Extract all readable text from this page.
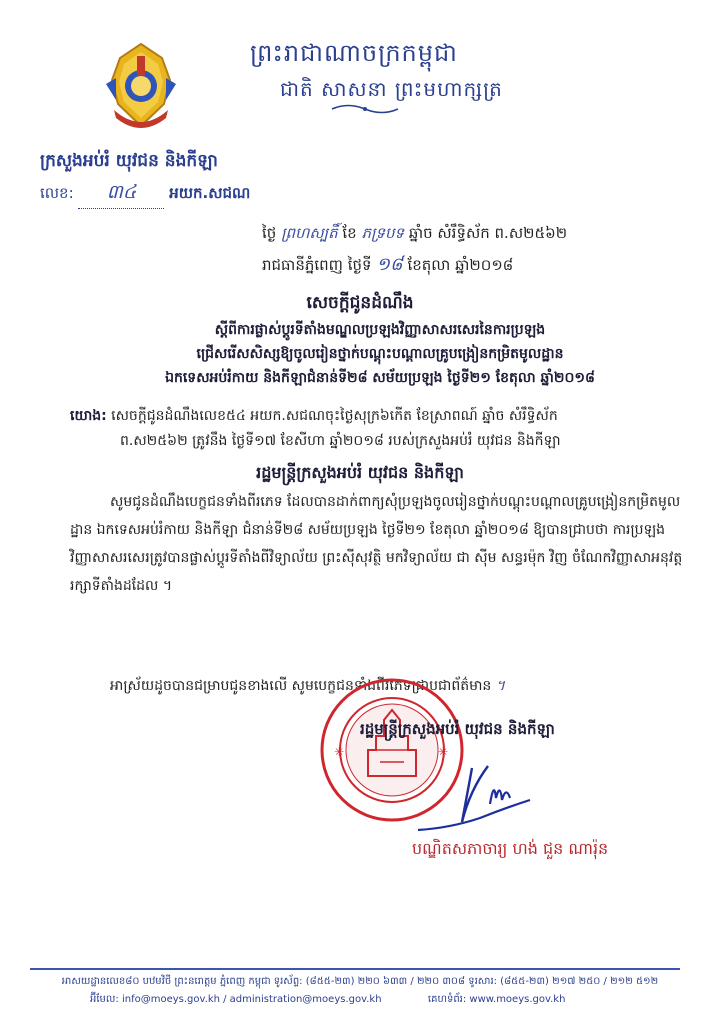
ព្រះរាជាណាចក្រកម្ពុជា
ជាតិ សាសនា ព្រះមហាក្សត្រ
ក្រសួងអប់រំ យុវជន និងកីឡា
លេខ: ៣៤ អយក.សជណ
ថ្ងៃ ព្រហស្បតិ៍ ខែ ភទ្របទ ឆ្នាំច សំរឹទ្ធិស័ក ព.ស២៥៦២
រាជធានីភ្នំពេញ ថ្ងៃទី ១៨ ខែតុលា ឆ្នាំ២០១៨
សេចក្តីជូនដំណឹង
ស្តីពីការផ្លាស់ប្តូរទីតាំងមណ្ឌលប្រឡងវិញ្ញាសាសរសេរនៃការប្រឡង
ជ្រើសរើសសិស្សឱ្យចូលរៀនថ្នាក់បណ្តុះបណ្តាលគ្រូបង្រៀនកម្រិតមូលដ្ឋាន
ឯកទេសអប់រំកាយ និងកីឡាជំនាន់ទី២៨ សម័យប្រឡង ថ្ងៃទី២១ ខែតុលា ឆ្នាំ២០១៨
យោង: សេចក្តីជូនដំណឹងលេខ៥៤ អយក.សជណចុះថ្ងៃសុក្រ៦កើត ខែស្រាពណ៍ ឆ្នាំច សំរឹទ្ធិស័ក
ព.ស២៥៦២ ត្រូវនឹង ថ្ងៃទី១៧ ខែសីហា ឆ្នាំ២០១៨ របស់ក្រសួងអប់រំ យុវជន និងកីឡា
រដ្ឋមន្ត្រីក្រសួងអប់រំ យុវជន និងកីឡា

សូមជូនដំណឹងបេក្ខជនទាំងពីរភេទ ដែលបានដាក់ពាក្យសុំប្រឡងចូលរៀនថ្នាក់បណ្តុះបណ្តាលគ្រូបង្រៀនកម្រិតមូលដ្ឋាន ឯកទេសអប់រំកាយ និងកីឡា ជំនាន់ទី២៨ សម័យប្រឡង ថ្ងៃទី២១ ខែតុលា ឆ្នាំ២០១៨ ឱ្យបានជ្រាបថា ការប្រឡងវិញ្ញាសាសរសេរត្រូវបានផ្លាស់ប្តូរទីតាំងពីវិទ្យាល័យ ព្រះស៊ីសុវត្ថិ មកវិទ្យាល័យ ជា ស៊ីម សន្ធរម៉ុក វិញ ចំណែកវិញ្ញាសាអនុវត្តរក្សាទីតាំងដដែល ។

អាស្រ័យដូចបានជម្រាបជូនខាងលើ សូមបេក្ខជនទាំងពីរភេទជ្រាបជាព័ត៌មាន ។
✳	✳
រដ្ឋមន្ត្រីក្រសួងអប់រំ យុវជន និងកីឡា
បណ្ឌិតសភាចារ្យ ហង់ ជួន ណារ៉ុន
អាសយដ្ឋានលេខ៨០ បឋមវិថី ព្រះនរោត្តម ភ្នំពេញ កម្ពុជា ទូរស័ព្ទ: (៨៥៥-២៣) ២២០ ៦៣៣ / ២២០ ៣០៨ ទូរសារ: (៨៥៥-២៣) ២១៧ ២៥០ / ២១២ ៥១២
អ៊ីមែល: info@moeys.gov.kh / administration@moeys.gov.kh	គេហទំព័រ: www.moeys.gov.kh
